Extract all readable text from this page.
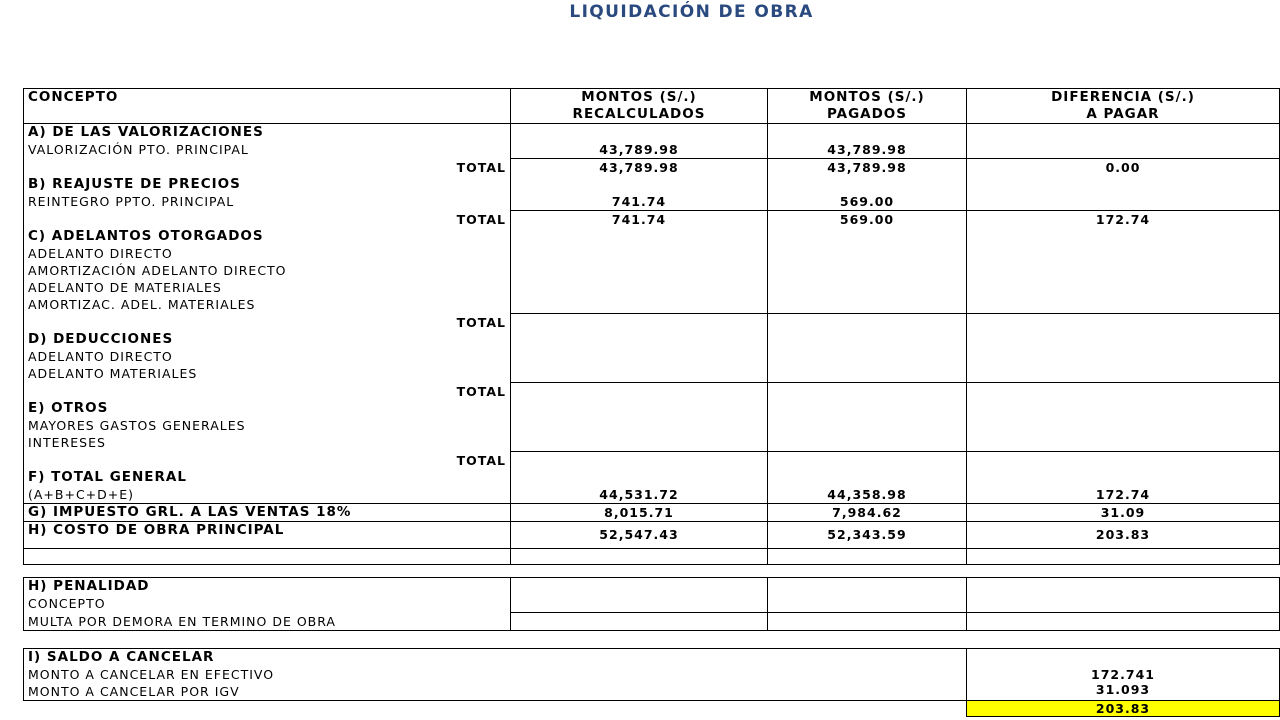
LIQUIDACIÓN DE OBRA
CONCEPTO	MONTOS (S/.)	MONTOS (S/.)	DIFERENCIA (S/.)
	RECALCULADOS	PAGADOS	A PAGAR
A) DE LAS VALORIZACIONES			
VALORIZACIÓN PTO. PRINCIPAL	43,789.98	43,789.98	
TOTAL	43,789.98	43,789.98	0.00
B) REAJUSTE DE PRECIOS			
REINTEGRO PPTO. PRINCIPAL	741.74	569.00	
TOTAL	741.74	569.00	172.74
C) ADELANTOS OTORGADOS			
ADELANTO DIRECTO			
AMORTIZACIÓN ADELANTO DIRECTO			
ADELANTO DE MATERIALES			
AMORTIZAC. ADEL. MATERIALES			
TOTAL			
D) DEDUCCIONES			
ADELANTO DIRECTO			
ADELANTO MATERIALES			
TOTAL			
E) OTROS			
MAYORES GASTOS GENERALES			
INTERESES			
TOTAL			
F) TOTAL GENERAL			
(A+B+C+D+E)	44,531.72	44,358.98	172.74
G) IMPUESTO GRL. A LAS VENTAS 18%	8,015.71	7,984.62	31.09
H) COSTO DE OBRA PRINCIPAL	52,547.43	52,343.59	203.83

H) PENALIDAD			
CONCEPTO			
MULTA POR DEMORA EN TERMINO DE OBRA			
I) SALDO A CANCELAR	
MONTO A CANCELAR EN EFECTIVO	172.741
MONTO A CANCELAR POR IGV	31.093
	203.83
